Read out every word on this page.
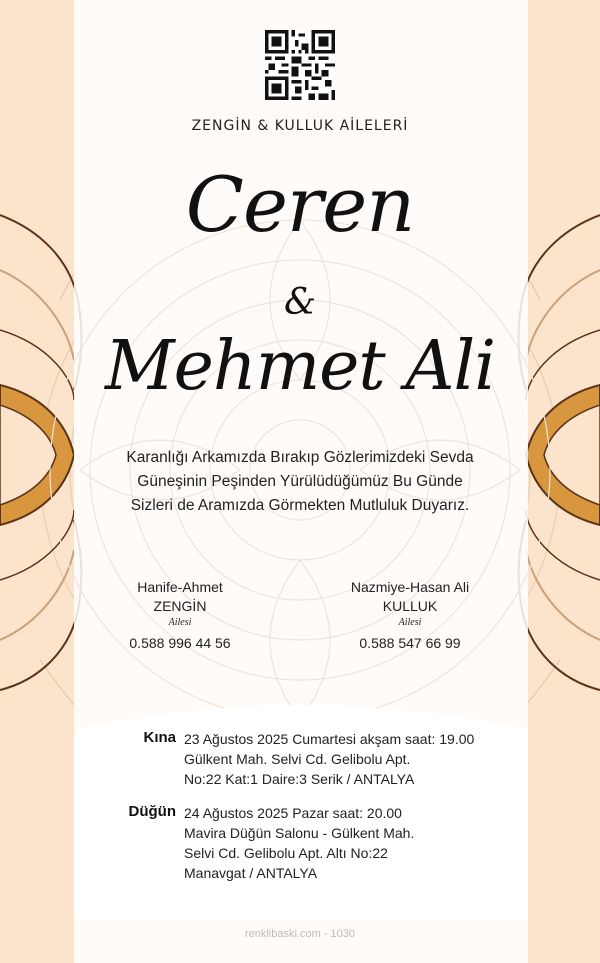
ZENGİN & KULLUK AİLELERİ
Ceren
&
Mehmet Ali
Karanlığı Arkamızda Bırakıp Gözlerimizdeki Sevda
Güneşinin Peşinden Yürülüdüğümüz Bu Günde
Sizleri de Aramızda Görmekten Mutluluk Duyarız.
Hanife-Ahmet
ZENGİN
Ailesi
0.588 996 44 56
Nazmiye-Hasan Ali
KULLUK
Ailesi
0.588 547 66 99
Kına 23 Ağustos 2025 Cumartesi akşam saat: 19.00
Gülkent Mah. Selvi Cd. Gelibolu Apt.
No:22 Kat:1 Daire:3 Serik / ANTALYA
Düğün 24 Ağustos 2025 Pazar saat: 20.00
Mavira Düğün Salonu - Gülkent Mah.
Selvi Cd. Gelibolu Apt. Altı No:22
Manavgat / ANTALYA
renklibaski.com - 1030
